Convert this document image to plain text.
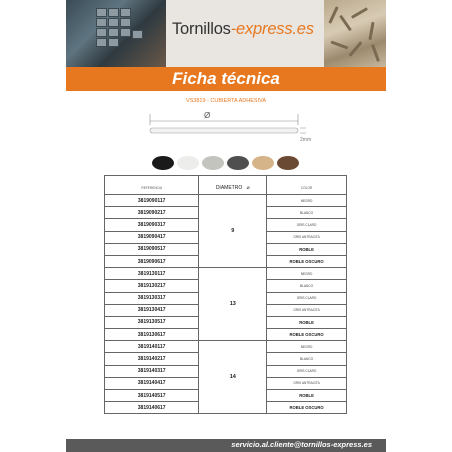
Tornillos-express.es
Ficha técnica
VS3819 - CUBIERTA ADHESIVA
Ø
2mm
REFERENCIA	DIAMETRO ⌀	COLOR
3819090117	9	NEGRO
3819090217		BLANCO
3819090317		GRIS CLARO
3819090417		GRIS ANTRACITA
3819090517		ROBLE
3819090617		ROBLE OSCURO
3819130117	13	NEGRO
3819130217		BLANCO
3819130317		GRIS CLARO
3819130417		GRIS ANTRACITA
3819130517		ROBLE
3819130617		ROBLE OSCURO
3819140117	14	NEGRO
3819140217		BLANCO
3819140317		GRIS CLARO
3819140417		GRIS ANTRACITA
3819140517		ROBLE
3819140617		ROBLE OSCURO
servicio.al.cliente@tornillos-express.es
